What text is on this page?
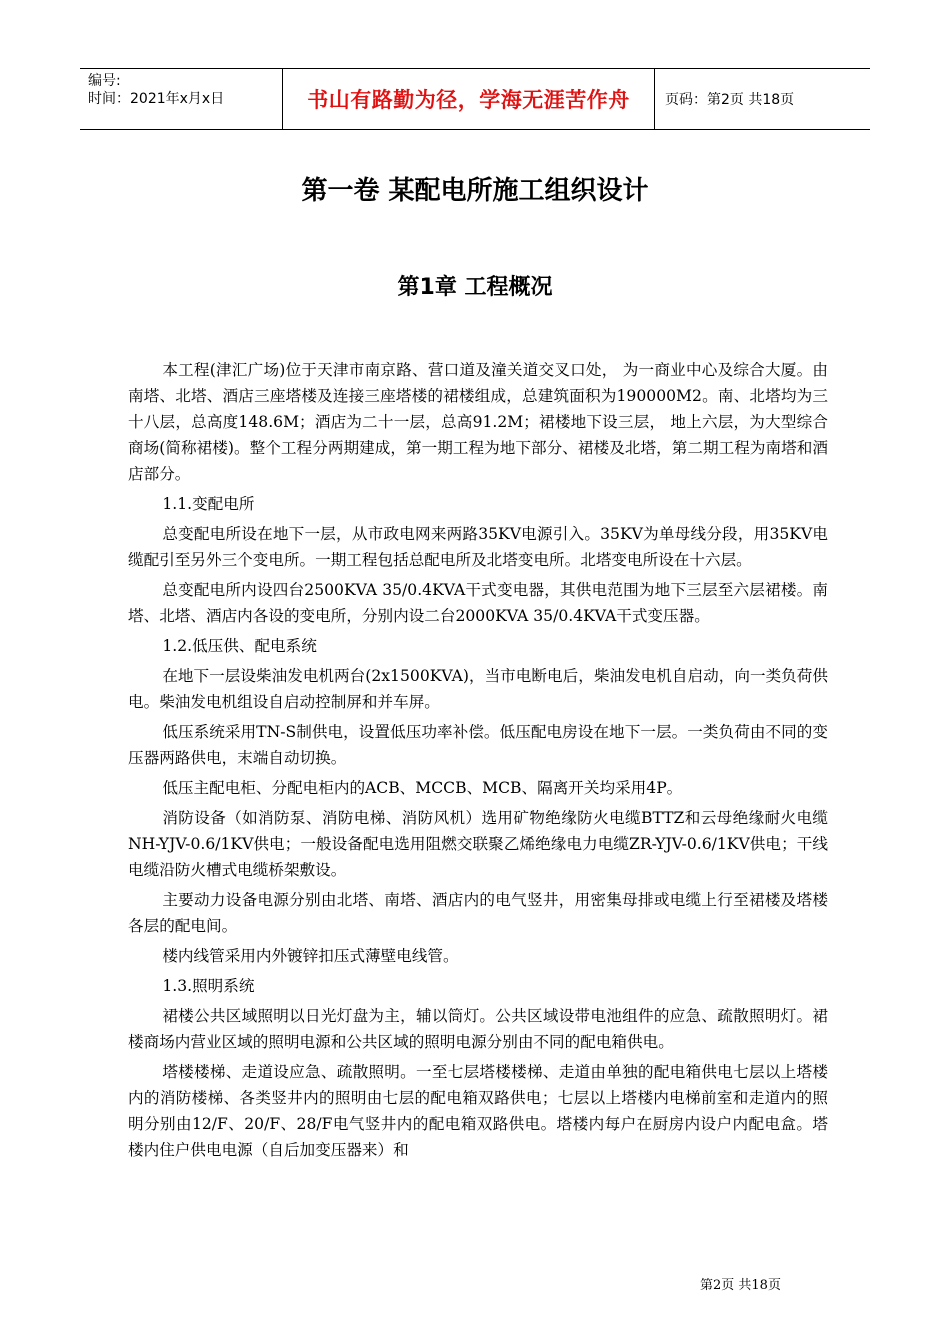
编号:
时间：2021年x月x日	书山有路勤为径，学海无涯苦作舟	页码：第2页 共18页
第一卷 某配电所施工组织设计
第1章 工程概况

本工程(津汇广场)位于天津市南京路、营口道及潼关道交叉口处， 为一商业中心及综合大厦。由南塔、北塔、酒店三座塔楼及连接三座塔楼的裙楼组成，总建筑面积为190000M2。南、北塔均为三十八层，总高度148.6M；酒店为二十一层，总高91.2M；裙楼地下设三层， 地上六层，为大型综合商场(简称裙楼)。整个工程分两期建成，第一期工程为地下部分、裙楼及北塔，第二期工程为南塔和酒店部分。

1.1.变配电所

总变配电所设在地下一层，从市政电网来两路35KV电源引入。35KV为单母线分段，用35KV电缆配引至另外三个变电所。一期工程包括总配电所及北塔变电所。北塔变电所设在十六层。

总变配电所内设四台2500KVA 35/0.4KVA干式变电器，其供电范围为地下三层至六层裙楼。南塔、北塔、酒店内各设的变电所，分别内设二台2000KVA 35/0.4KVA干式变压器。

1.2.低压供、配电系统

在地下一层设柴油发电机两台(2x1500KVA)，当市电断电后，柴油发电机自启动，向一类负荷供电。柴油发电机组设自启动控制屏和并车屏。

低压系统采用TN-S制供电，设置低压功率补偿。低压配电房设在地下一层。一类负荷由不同的变压器两路供电，末端自动切换。

低压主配电柜、分配电柜内的ACB、MCCB、MCB、隔离开关均采用4P。

消防设备（如消防泵、消防电梯、消防风机）选用矿物绝缘防火电缆BTTZ和云母绝缘耐火电缆NH-YJV-0.6/1KV供电；一般设备配电选用阻燃交联聚乙烯绝缘电力电缆ZR-YJV-0.6/1KV供电；干线电缆沿防火槽式电缆桥架敷设。

主要动力设备电源分别由北塔、南塔、酒店内的电气竖井，用密集母排或电缆上行至裙楼及塔楼各层的配电间。

楼内线管采用内外镀锌扣压式薄壁电线管。

1.3.照明系统

裙楼公共区域照明以日光灯盘为主，辅以筒灯。公共区域设带电池组件的应急、疏散照明灯。裙楼商场内营业区域的照明电源和公共区域的照明电源分别由不同的配电箱供电。

塔楼楼梯、走道设应急、疏散照明。一至七层塔楼楼梯、走道由单独的配电箱供电七层以上塔楼内的消防楼梯、各类竖井内的照明由七层的配电箱双路供电；七层以上塔楼内电梯前室和走道内的照明分别由12/F、20/F、28/F电气竖井内的配电箱双路供电。塔楼内每户在厨房内设户内配电盒。塔楼内住户供电电源（自后加变压器来）和

第2页 共18页
